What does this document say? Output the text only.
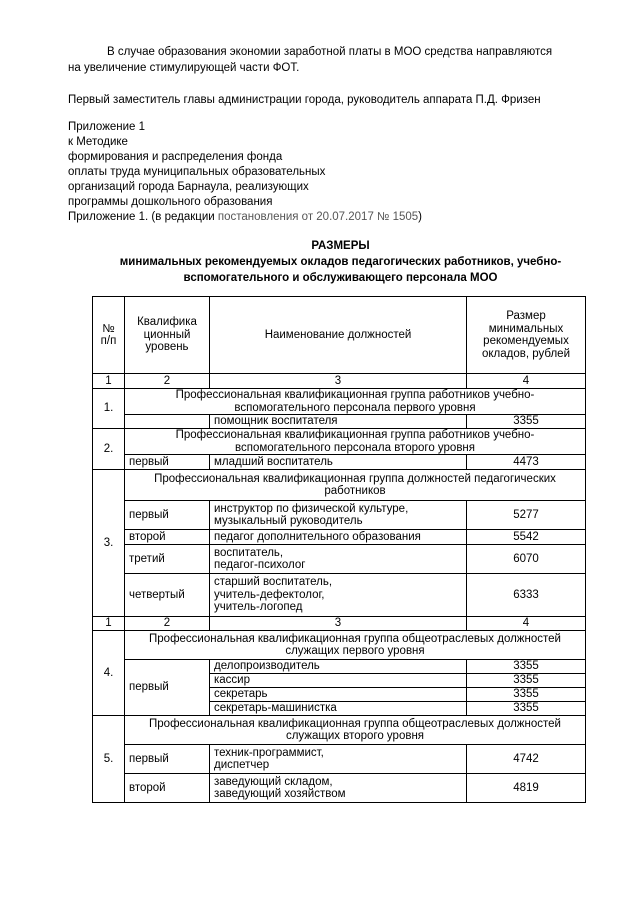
В случае образования экономии заработной платы в МОО средства направляются
на увеличение стимулирующей части ФОТ.
Первый заместитель главы администрации города, руководитель аппарата П.Д. Фризен
Приложение 1
к Методике
формирования и распределения фонда
оплаты труда муниципальных образовательных
организаций города Барнаула, реализующих
программы дошкольного образования
Приложение 1. (в редакции постановления от 20.07.2017 № 1505)
РАЗМЕРЫ
минимальных рекомендуемых окладов педагогических работников, учебно-
вспомогательного и обслуживающего персонала МОО
№ п/п	Квалифика ционный уровень	Наименование должностей	Размер минимальных рекомендуемых окладов, рублей
1	2	3	4
1.	Профессиональная квалификационная группа работников учебно-вспомогательного персонала первого уровня		
		помощник воспитателя	3355
2.	Профессиональная квалификационная группа работников учебно-вспомогательного персонала второго уровня		
	первый	младший воспитатель	4473
3.	Профессиональная квалификационная группа должностей педагогических работников		
	первый	инструктор по физической культуре,
музыкальный руководитель	5277
	второй	педагог дополнительного образования	5542
	третий	воспитатель,
педагог-психолог	6070
	четвертый	старший воспитатель,
учитель-дефектолог,
учитель-логопед	6333
1	2	3	4
4.	Профессиональная квалификационная группа общеотраслевых должностей служащих первого уровня		
	первый	делопроизводитель	3355
		кассир	3355
		секретарь	3355
		секретарь-машинистка	3355
5.	Профессиональная квалификационная группа общеотраслевых должностей служащих второго уровня		
	первый	техник-программист,
диспетчер	4742
	второй	заведующий складом,
заведующий хозяйством	4819
